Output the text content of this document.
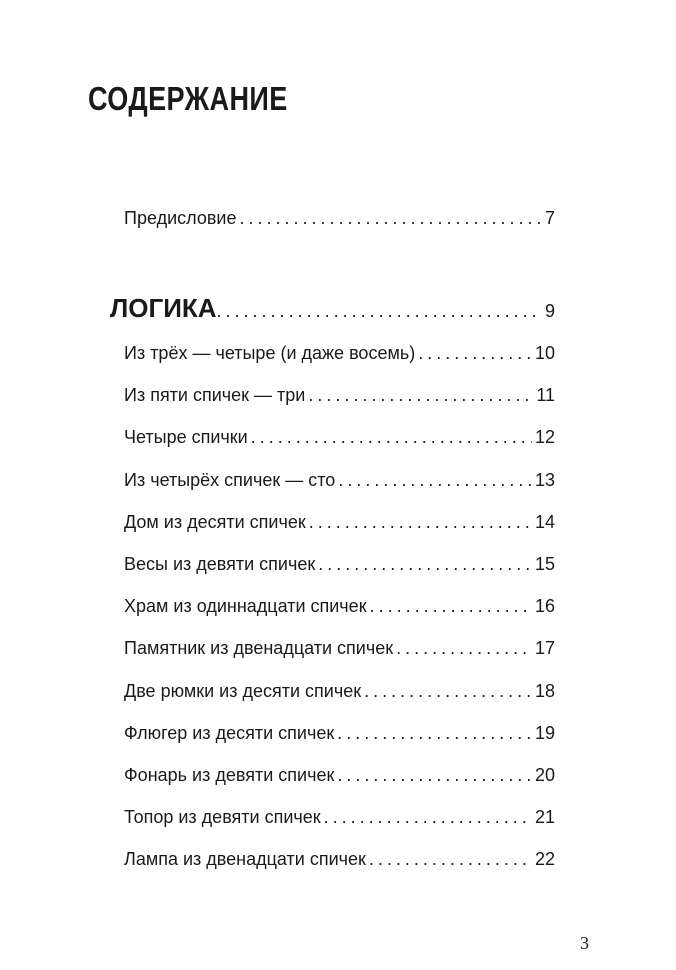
СОДЕРЖАНИЕ
Предисловие . . .	7
ЛОГИКА . . .	9
Из трёх — четыре (и даже восемь) . . .	10
Из пяти спичек — три . . .	11
Четыре спички . . .	12
Из четырёх спичек — сто . . .	13
Дом из десяти спичек . . .	14
Весы из девяти спичек . . .	15
Храм из одиннадцати спичек . . .	16
Памятник из двенадцати спичек . . .	17
Две рюмки из десяти спичек . . .	18
Флюгер из десяти спичек . . .	19
Фонарь из девяти спичек . . .	20
Топор из девяти спичек . . .	21
Лампа из двенадцати спичек . . .	22
3
